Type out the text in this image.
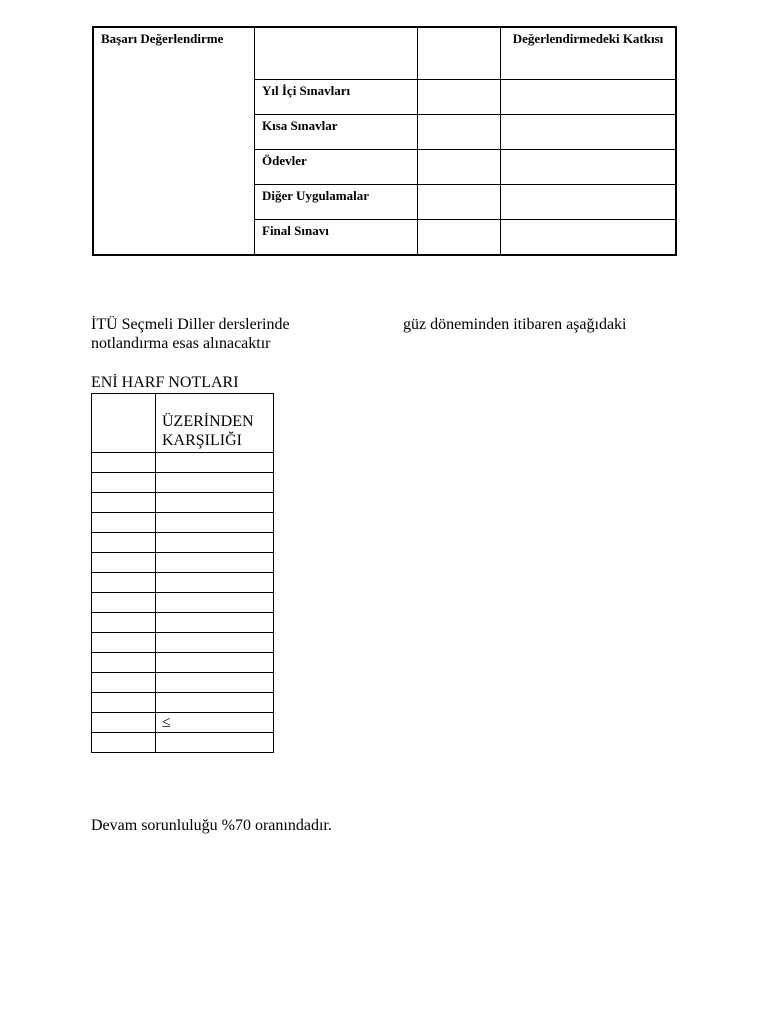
Başarı Değerlendirme			Değerlendirmedeki Katkısı

	Yıl İçi Sınavları		

	Kısa Sınavlar		

	Ödevler		

	Diğer Uygulamalar		

	Final Sınavı		

İTÜ Seçmeli Diller derslerinde	güz döneminden itibaren aşağıdaki
notlandırma esas alınacaktır
ENİ HARF NOTLARI

	ÜZERİNDEN KARŞILIĞI

	≤

Devam sorunluluğu %70 oranındadır.
